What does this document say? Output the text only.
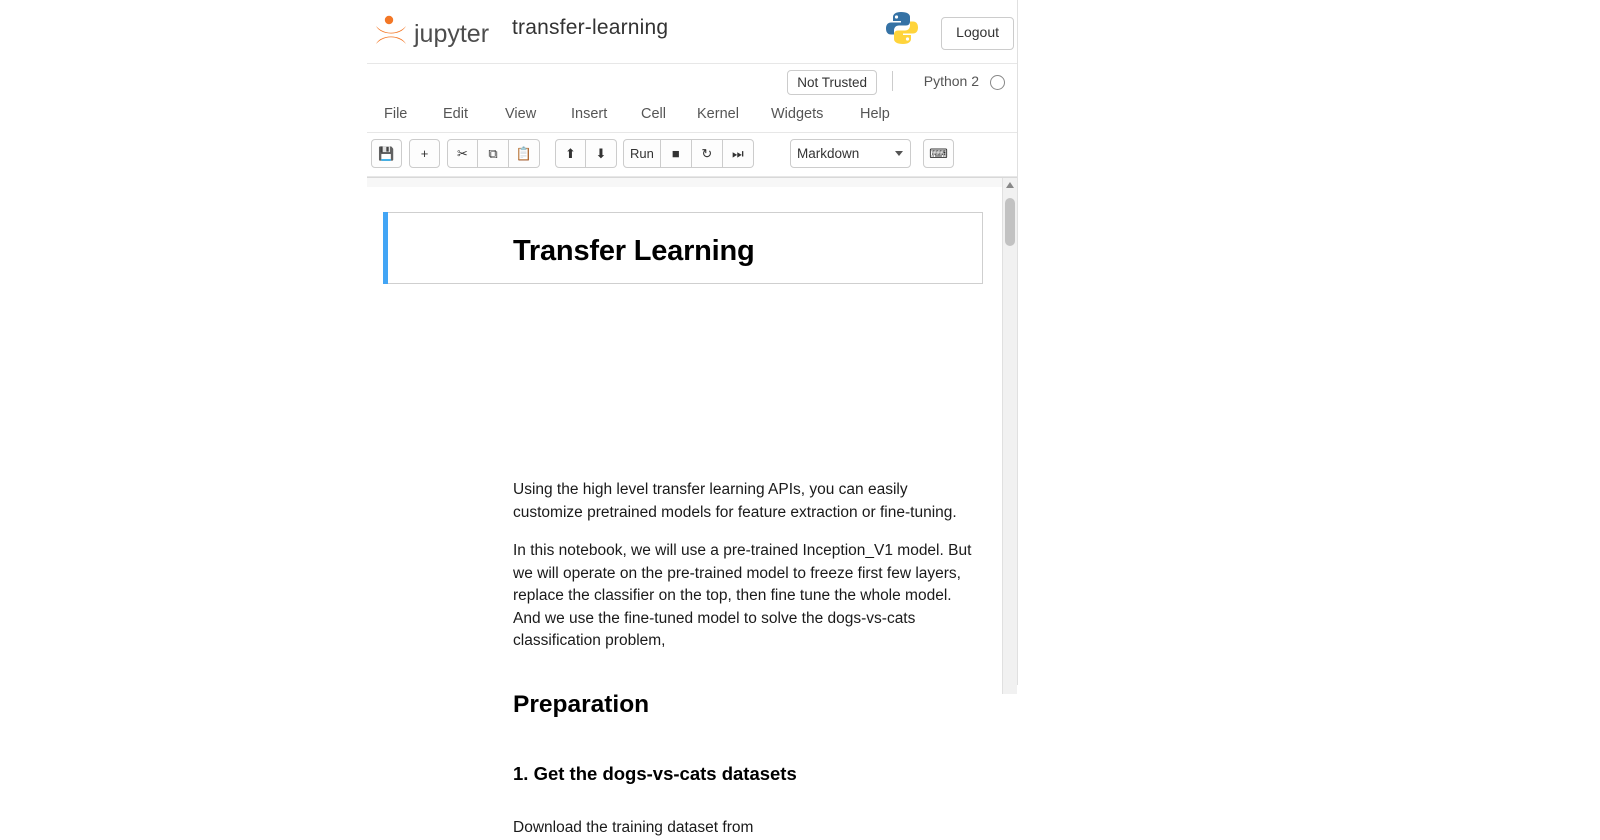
jupyter transfer-learning	Logout
Not Trusted	Python 2
File	Edit	View	Insert	Cell	Kernel	Widgets	Help
💾	+	✂	⧉	📋	⬆	⬇	Run	■	↻	⏭	Markdown	⌨
Transfer Learning
Using the high level transfer learning APIs, you can easily customize pretrained models for feature extraction or fine-tuning.
In this notebook, we will use a pre-trained Inception_V1 model. But we will operate on the pre-trained model to freeze first few layers, replace the classifier on the top, then fine tune the whole model. And we use the fine-tuned model to solve the dogs-vs-cats classification problem,
Preparation
1. Get the dogs-vs-cats datasets
Download the training dataset from
